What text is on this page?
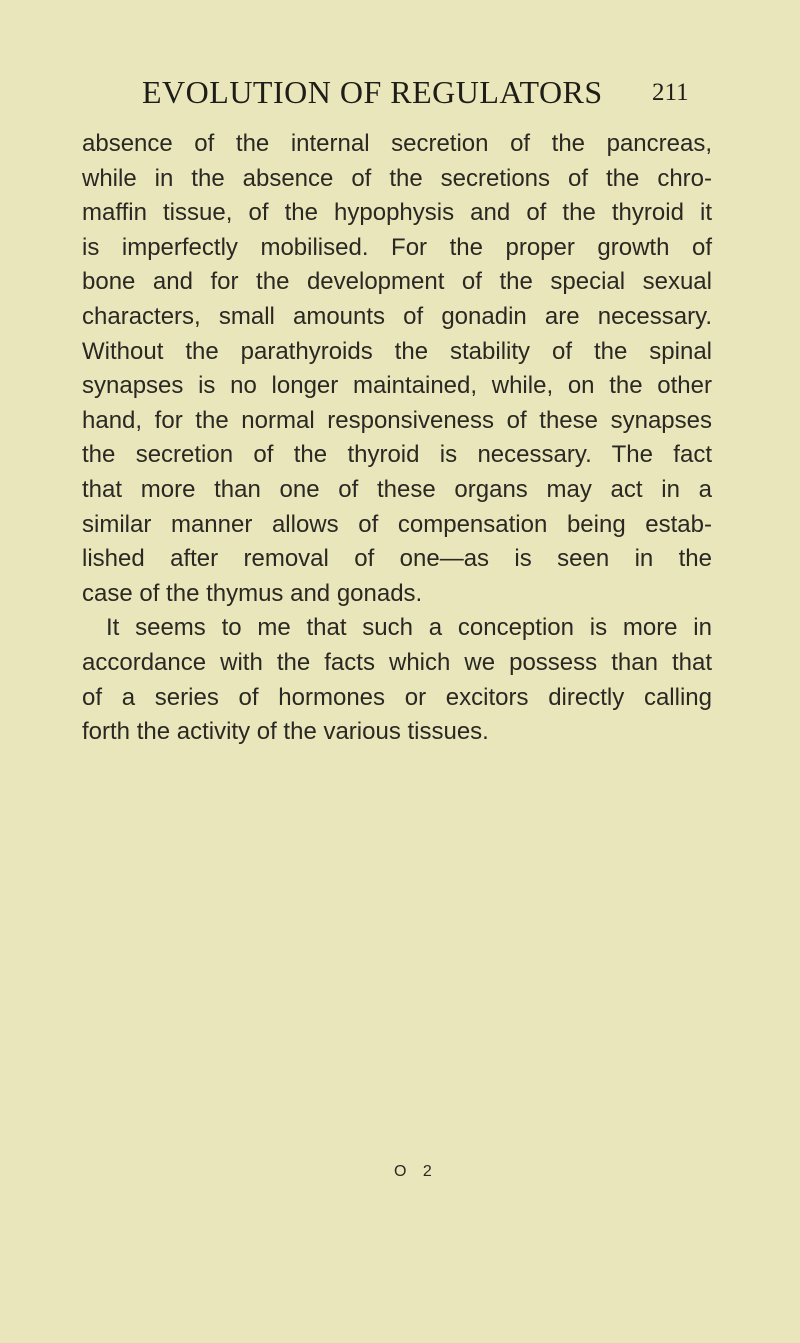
EVOLUTION OF REGULATORS 211
absence of the internal secretion of the pancreas,
while in the absence of the secretions of the chro-
maffin tissue, of the hypophysis and of the thyroid it
is imperfectly mobilised. For the proper growth of
bone and for the development of the special sexual
characters, small amounts of gonadin are necessary.
Without the parathyroids the stability of the spinal
synapses is no longer maintained, while, on the other
hand, for the normal responsiveness of these synapses
the secretion of the thyroid is necessary. The fact
that more than one of these organs may act in a
similar manner allows of compensation being estab-
lished after removal of one—as is seen in the
case of the thymus and gonads.
It seems to me that such a conception is more in
accordance with the facts which we possess than that
of a series of hormones or excitors directly calling
forth the activity of the various tissues.
O 2
